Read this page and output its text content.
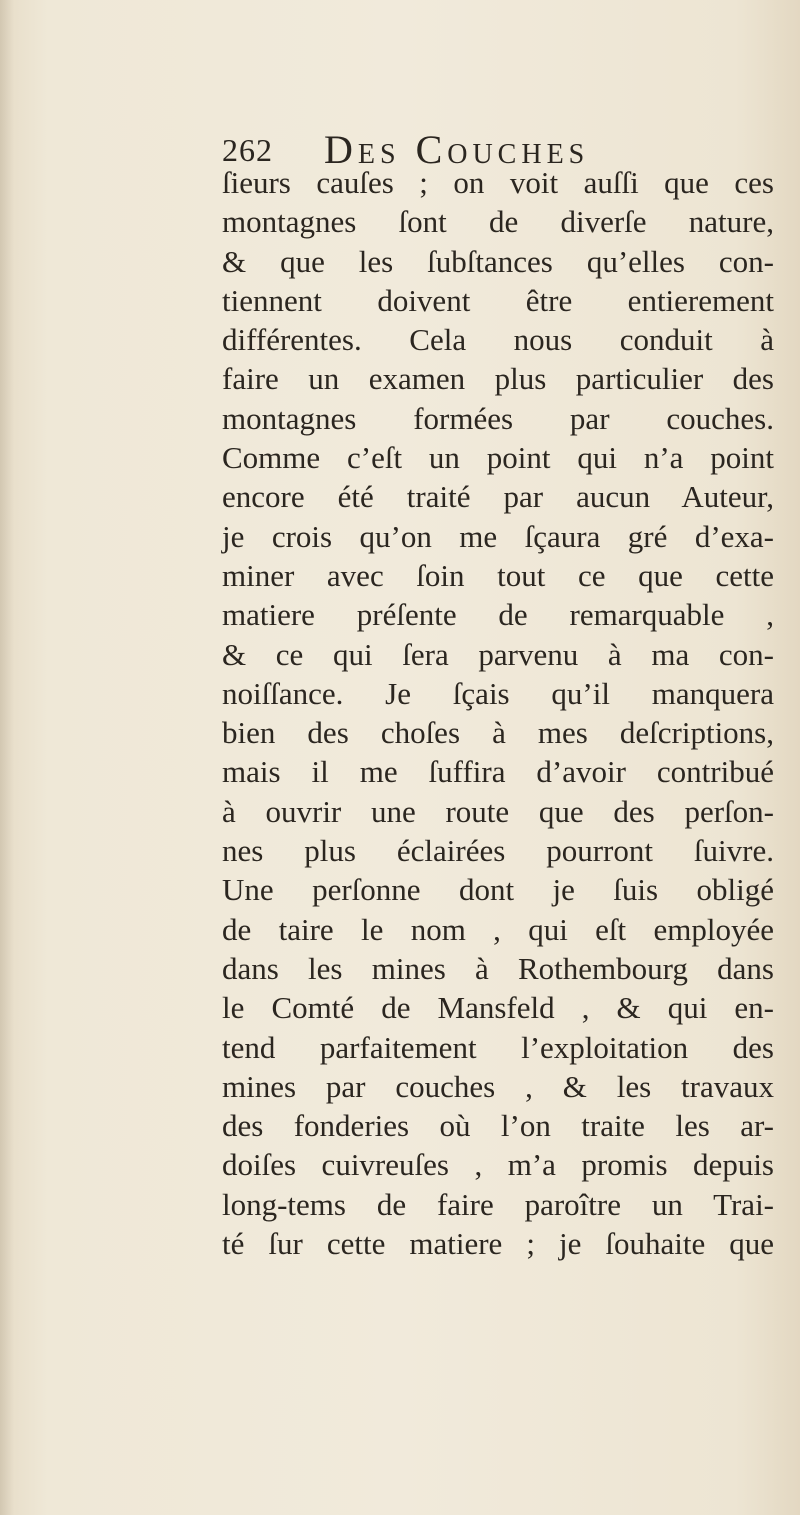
262 Des Couches
ſieurs cauſes ; on voit auſſi que ces
montagnes ſont de diverſe nature,
& que les ſubſtances qu’elles con-
tiennent doivent être entierement
différentes. Cela nous conduit à
faire un examen plus particulier des
montagnes formées par couches.
Comme c’eſt un point qui n’a point
encore été traité par aucun Auteur,
je crois qu’on me ſçaura gré d’exa-
miner avec ſoin tout ce que cette
matiere préſente de remarquable ,
& ce qui ſera parvenu à ma con-
noiſſance. Je ſçais qu’il manquera
bien des choſes à mes deſcriptions,
mais il me ſuffira d’avoir contribué
à ouvrir une route que des perſon-
nes plus éclairées pourront ſuivre.
Une perſonne dont je ſuis obligé
de taire le nom , qui eſt employée
dans les mines à Rothembourg dans
le Comté de Mansfeld , & qui en-
tend parfaitement l’exploitation des
mines par couches , & les travaux
des fonderies où l’on traite les ar-
doiſes cuivreuſes , m’a promis depuis
long-tems de faire paroître un Trai-
té ſur cette matiere ; je ſouhaite que
